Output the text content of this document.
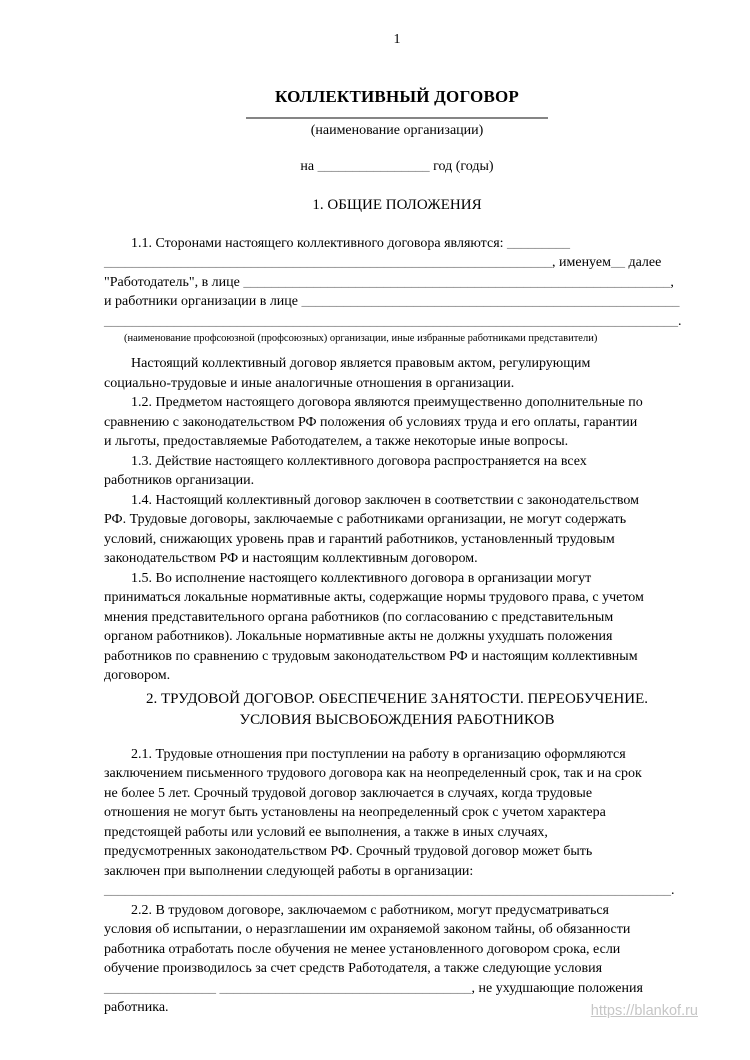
1
КОЛЛЕКТИВНЫЙ ДОГОВОР
(наименование организации)
на ________________ год (годы)
1. ОБЩИЕ ПОЛОЖЕНИЯ
1.1. Сторонами настоящего коллективного договора являются: _________
________________________________________________________________, именуем__ далее
"Работодатель", в лице _____________________________________________________________,
и работники организации в лице ______________________________________________________
__________________________________________________________________________________.
(наименование профсоюзной (профсоюзных) организации, иные избранные работниками представители)
Настоящий коллективный договор является правовым актом, регулирующим
социально-трудовые и иные аналогичные отношения в организации.
1.2. Предметом настоящего договора являются преимущественно дополнительные по
сравнению с законодательством РФ положения об условиях труда и его оплаты, гарантии
и льготы, предоставляемые Работодателем, а также некоторые иные вопросы.
1.3. Действие настоящего коллективного договора распространяется на всех
работников организации.
1.4. Настоящий коллективный договор заключен в соответствии с законодательством
РФ. Трудовые договоры, заключаемые с работниками организации, не могут содержать
условий, снижающих уровень прав и гарантий работников, установленный трудовым
законодательством РФ и настоящим коллективным договором.
1.5. Во исполнение настоящего коллективного договора в организации могут
приниматься локальные нормативные акты, содержащие нормы трудового права, с учетом
мнения представительного органа работников (по согласованию с представительным
органом работников). Локальные нормативные акты не должны ухудшать положения
работников по сравнению с трудовым законодательством РФ и настоящим коллективным
договором.
2. ТРУДОВОЙ ДОГОВОР. ОБЕСПЕЧЕНИЕ ЗАНЯТОСТИ. ПЕРЕОБУЧЕНИЕ.
УСЛОВИЯ ВЫСВОБОЖДЕНИЯ РАБОТНИКОВ
2.1. Трудовые отношения при поступлении на работу в организацию оформляются
заключением письменного трудового договора как на неопределенный срок, так и на срок
не более 5 лет. Срочный трудовой договор заключается в случаях, когда трудовые
отношения не могут быть установлены на неопределенный срок с учетом характера
предстоящей работы или условий ее выполнения, а также в иных случаях,
предусмотренных законодательством РФ. Срочный трудовой договор может быть
заключен при выполнении следующей работы в организации:
_________________________________________________________________________________.
2.2. В трудовом договоре, заключаемом с работником, могут предусматриваться
условия об испытании, о неразглашении им охраняемой законом тайны, об обязанности
работника отработать после обучения не менее установленного договором срока, если
обучение производилось за счет средств Работодателя, а также следующие условия
________________ ____________________________________, не ухудшающие положения
работника.	https://blankof.ru
